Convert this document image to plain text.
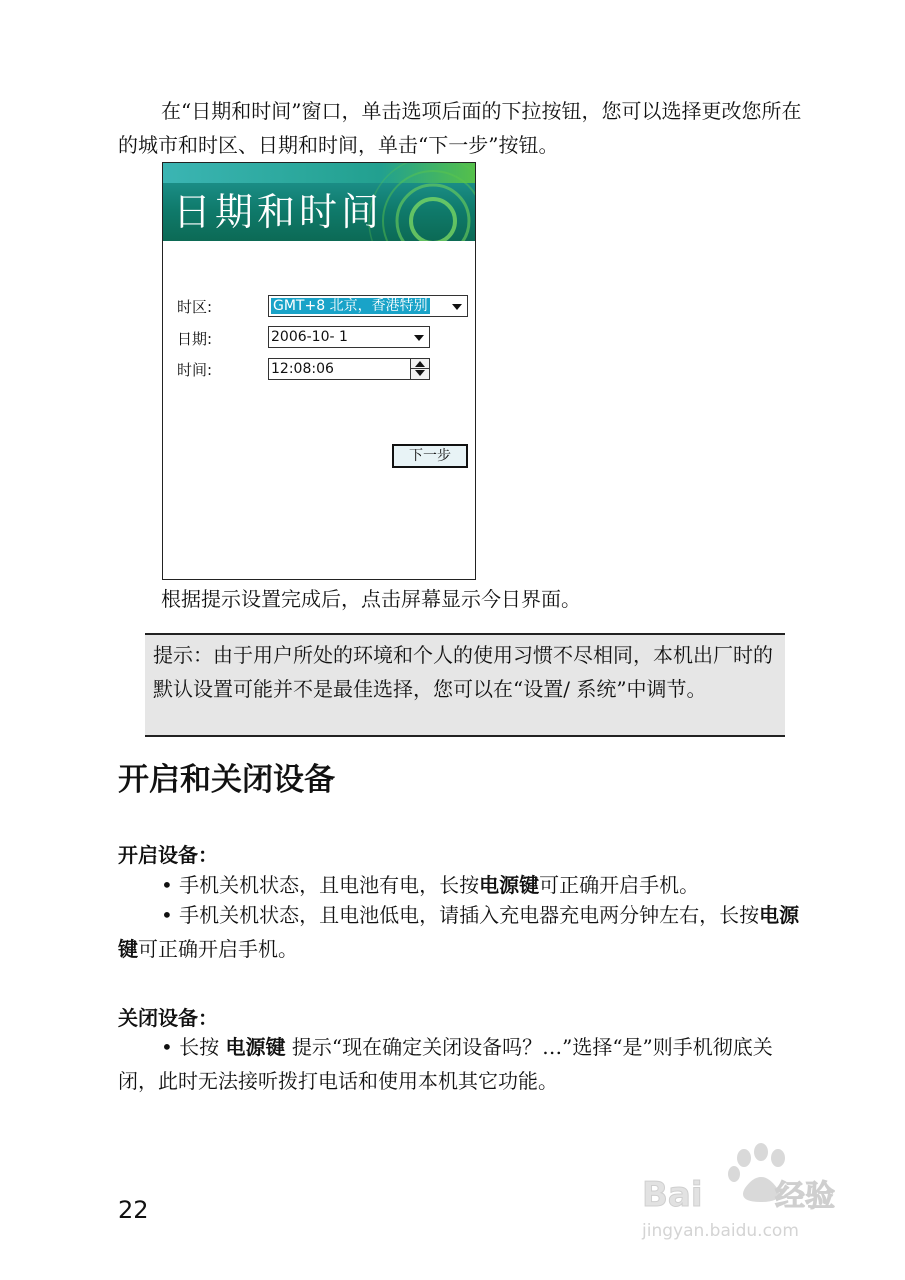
在“日期和时间”窗口，单击选项后面的下拉按钮，您可以选择更改您所在的城市和时区、日期和时间，单击“下一步”按钮。

日期和时间
时区:	GMT+8 北京，香港特别
日期:	2006-10- 1
时间:	12:08:06
下一步

根据提示设置完成后，点击屏幕显示今日界面。

提示：由于用户所处的环境和个人的使用习惯不尽相同，本机出厂时的默认设置可能并不是最佳选择，您可以在“设置/ 系统”中调节。
开启和关闭设备
开启设备：

• 手机关机状态，且电池有电，长按电源键可正确开启手机。

• 手机关机状态，且电池低电，请插入充电器充电两分钟左右，长按电源键可正确开启手机。

关闭设备：

• 长按 电源键 提示“现在确定关闭设备吗？…”选择“是”则手机彻底关闭，此时无法接听拨打电话和使用本机其它功能。

22	Bai 经验
jingyan.baidu.com
